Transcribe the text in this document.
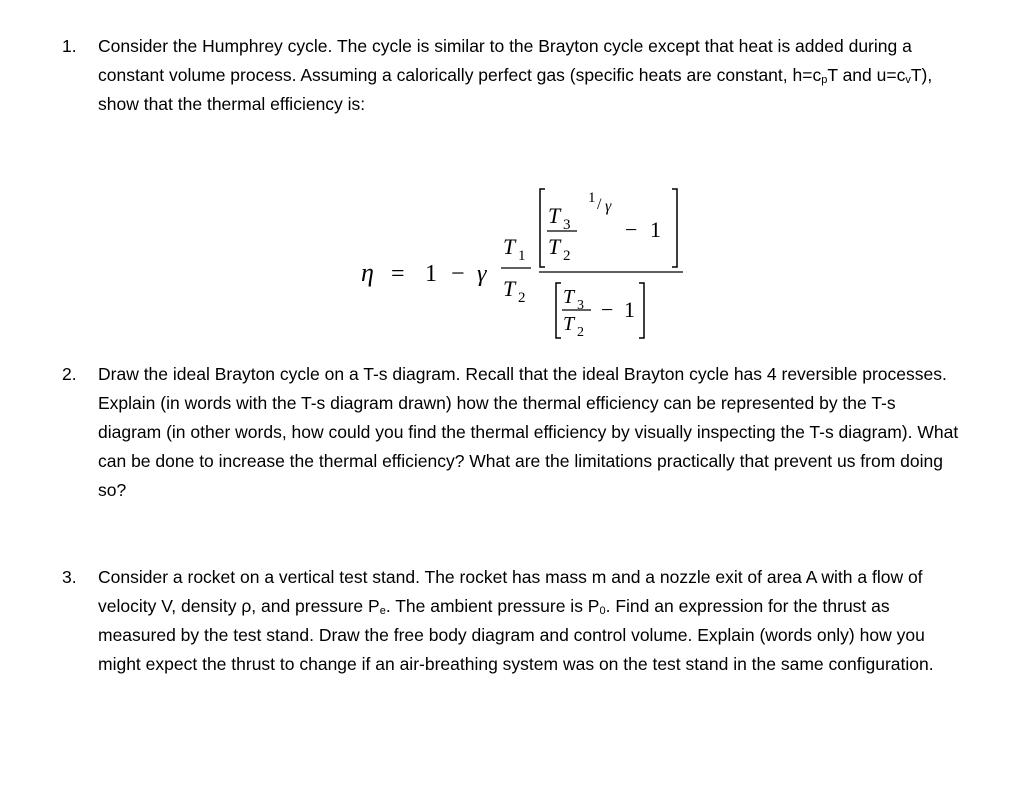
1. Consider the Humphrey cycle. The cycle is similar to the Brayton cycle except that heat is added during a constant volume process. Assuming a calorically perfect gas (specific heats are constant, $h=c_pT$ and $u=c_vT$), show that the thermal efficiency is:
η = 1 − γ
T 1
T 2
T 3
T 2
1 / γ
− 1
T 3
T 2
− 1
2. Draw the ideal Brayton cycle on a T-s diagram. Recall that the ideal Brayton cycle has 4 reversible processes. Explain (in words with the T-s diagram drawn) how the thermal efficiency can be represented by the T-s diagram (in other words, how could you find the thermal efficiency by visually inspecting the T-s diagram). What can be done to increase the thermal efficiency? What are the limitations practically that prevent us from doing so?
3. Consider a rocket on a vertical test stand. The rocket has mass m and a nozzle exit of area A with a flow of velocity V, density ρ, and pressure $P_e$. The ambient pressure is $P_0$. Find an expression for the thrust as measured by the test stand. Draw the free body diagram and control volume. Explain (words only) how you might expect the thrust to change if an air-breathing system was on the test stand in the same configuration.
